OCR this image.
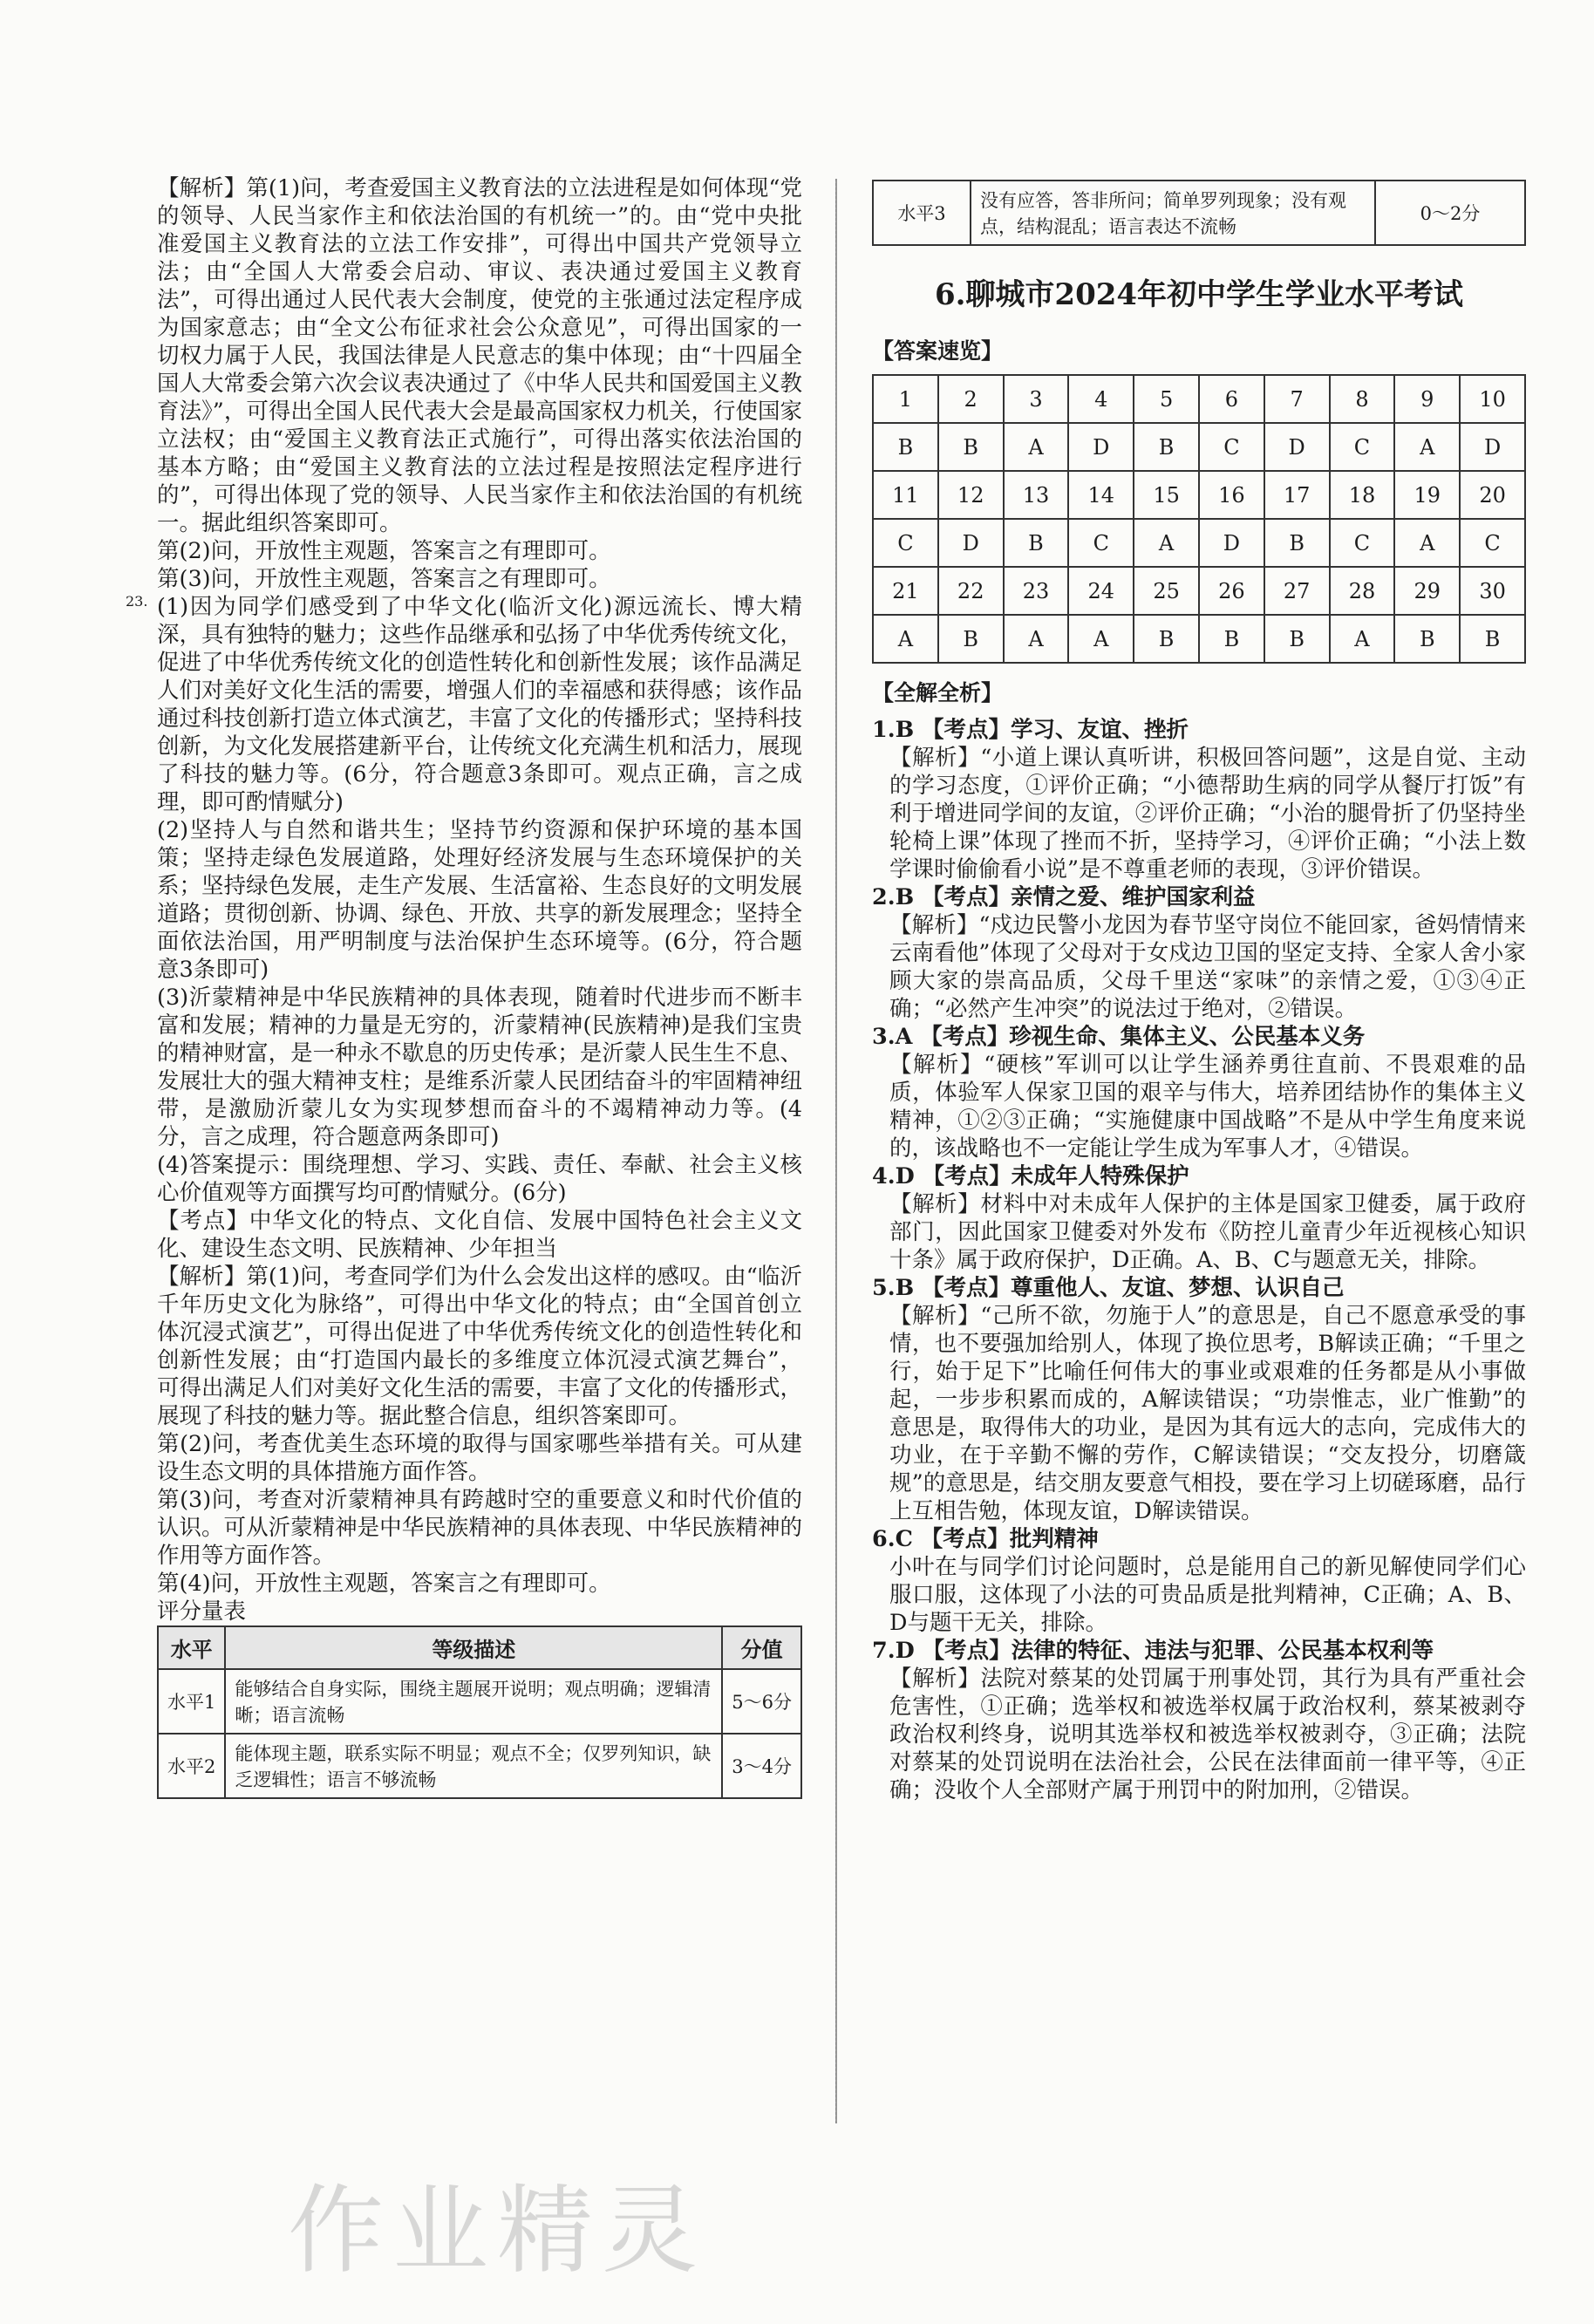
【解析】第(1)问，考查爱国主义教育法的立法进程是如何体现“党的领导、人民当家作主和依法治国的有机统一”的。由“党中央批准爱国主义教育法的立法工作安排”，可得出中国共产党领导立法；由“全国人大常委会启动、审议、表决通过爱国主义教育法”，可得出通过人民代表大会制度，使党的主张通过法定程序成为国家意志；由“全文公布征求社会公众意见”，可得出国家的一切权力属于人民，我国法律是人民意志的集中体现；由“十四届全国人大常委会第六次会议表决通过了《中华人民共和国爱国主义教育法》”，可得出全国人民代表大会是最高国家权力机关，行使国家立法权；由“爱国主义教育法正式施行”，可得出落实依法治国的基本方略；由“爱国主义教育法的立法过程是按照法定程序进行的”，可得出体现了党的领导、人民当家作主和依法治国的有机统一。据此组织答案即可。

第(2)问，开放性主观题，答案言之有理即可。

第(3)问，开放性主观题，答案言之有理即可。

23. (1)因为同学们感受到了中华文化(临沂文化)源远流长、博大精深，具有独特的魅力；这些作品继承和弘扬了中华优秀传统文化，促进了中华优秀传统文化的创造性转化和创新性发展；该作品满足人们对美好文化生活的需要，增强人们的幸福感和获得感；该作品通过科技创新打造立体式演艺，丰富了文化的传播形式；坚持科技创新，为文化发展搭建新平台，让传统文化充满生机和活力，展现了科技的魅力等。(6分，符合题意3条即可。观点正确，言之成理，即可酌情赋分)

(2)坚持人与自然和谐共生；坚持节约资源和保护环境的基本国策；坚持走绿色发展道路，处理好经济发展与生态环境保护的关系；坚持绿色发展，走生产发展、生活富裕、生态良好的文明发展道路；贯彻创新、协调、绿色、开放、共享的新发展理念；坚持全面依法治国，用严明制度与法治保护生态环境等。(6分，符合题意3条即可)

(3)沂蒙精神是中华民族精神的具体表现，随着时代进步而不断丰富和发展；精神的力量是无穷的，沂蒙精神(民族精神)是我们宝贵的精神财富，是一种永不歇息的历史传承；是沂蒙人民生生不息、发展壮大的强大精神支柱；是维系沂蒙人民团结奋斗的牢固精神纽带，是激励沂蒙儿女为实现梦想而奋斗的不竭精神动力等。(4分，言之成理，符合题意两条即可)

(4)答案提示：围绕理想、学习、实践、责任、奉献、社会主义核心价值观等方面撰写均可酌情赋分。(6分)

【考点】中华文化的特点、文化自信、发展中国特色社会主义文化、建设生态文明、民族精神、少年担当

【解析】第(1)问，考查同学们为什么会发出这样的感叹。由“临沂千年历史文化为脉络”，可得出中华文化的特点；由“全国首创立体沉浸式演艺”，可得出促进了中华优秀传统文化的创造性转化和创新性发展；由“打造国内最长的多维度立体沉浸式演艺舞台”，可得出满足人们对美好文化生活的需要，丰富了文化的传播形式，展现了科技的魅力等。据此整合信息，组织答案即可。

第(2)问，考查优美生态环境的取得与国家哪些举措有关。可从建设生态文明的具体措施方面作答。

第(3)问，考查对沂蒙精神具有跨越时空的重要意义和时代价值的认识。可从沂蒙精神是中华民族精神的具体表现、中华民族精神的作用等方面作答。

第(4)问，开放性主观题，答案言之有理即可。

评分量表

水平	等级描述	分值
水平1	能够结合自身实际，围绕主题展开说明；观点明确；逻辑清晰；语言流畅	5～6分
水平2	能体现主题，联系实际不明显；观点不全；仅罗列知识，缺乏逻辑性；语言不够流畅	3～4分
水平3	没有应答，答非所问；简单罗列现象；没有观点，结构混乱；语言表达不流畅	0～2分
6.聊城市2024年初中学生学业水平考试
【答案速览】
1	2	3	4	5	6	7	8	9	10
B	B	A	D	B	C	D	C	A	D
11	12	13	14	15	16	17	18	19	20
C	D	B	C	A	D	B	C	A	C
21	22	23	24	25	26	27	28	29	30
A	B	A	A	B	B	B	A	B	B
【全解全析】

1.B 【考点】学习、友谊、挫折

【解析】“小道上课认真听讲，积极回答问题”，这是自觉、主动的学习态度，①评价正确；“小德帮助生病的同学从餐厅打饭”有利于增进同学间的友谊，②评价正确；“小治的腿骨折了仍坚持坐轮椅上课”体现了挫而不折，坚持学习，④评价正确；“小法上数学课时偷偷看小说”是不尊重老师的表现，③评价错误。

2.B 【考点】亲情之爱、维护国家利益

【解析】“戍边民警小龙因为春节坚守岗位不能回家，爸妈情情来云南看他”体现了父母对于女戍边卫国的坚定支持、全家人舍小家顾大家的崇高品质，父母千里送“家味”的亲情之爱，①③④正确；“必然产生冲突”的说法过于绝对，②错误。

3.A 【考点】珍视生命、集体主义、公民基本义务

【解析】“硬核”军训可以让学生涵养勇往直前、不畏艰难的品质，体验军人保家卫国的艰辛与伟大，培养团结协作的集体主义精神，①②③正确；“实施健康中国战略”不是从中学生角度来说的，该战略也不一定能让学生成为军事人才，④错误。

4.D 【考点】未成年人特殊保护

【解析】材料中对未成年人保护的主体是国家卫健委，属于政府部门，因此国家卫健委对外发布《防控儿童青少年近视核心知识十条》属于政府保护，D正确。A、B、C与题意无关，排除。

5.B 【考点】尊重他人、友谊、梦想、认识自己

【解析】“己所不欲，勿施于人”的意思是，自己不愿意承受的事情，也不要强加给别人，体现了换位思考，B解读正确；“千里之行，始于足下”比喻任何伟大的事业或艰难的任务都是从小事做起，一步步积累而成的，A解读错误；“功崇惟志，业广惟勤”的意思是，取得伟大的功业，是因为其有远大的志向，完成伟大的功业，在于辛勤不懈的劳作，C解读错误；“交友投分，切磨箴规”的意思是，结交朋友要意气相投，要在学习上切磋琢磨，品行上互相告勉，体现友谊，D解读错误。

6.C 【考点】批判精神

小叶在与同学们讨论问题时，总是能用自己的新见解使同学们心服口服，这体现了小法的可贵品质是批判精神，C正确；A、B、D与题干无关，排除。

7.D 【考点】法律的特征、违法与犯罪、公民基本权利等

【解析】法院对蔡某的处罚属于刑事处罚，其行为具有严重社会危害性，①正确；选举权和被选举权属于政治权利，蔡某被剥夺政治权利终身，说明其选举权和被选举权被剥夺，③正确；法院对蔡某的处罚说明在法治社会，公民在法律面前一律平等，④正确；没收个人全部财产属于刑罚中的附加刑，②错误。

作业精灵
